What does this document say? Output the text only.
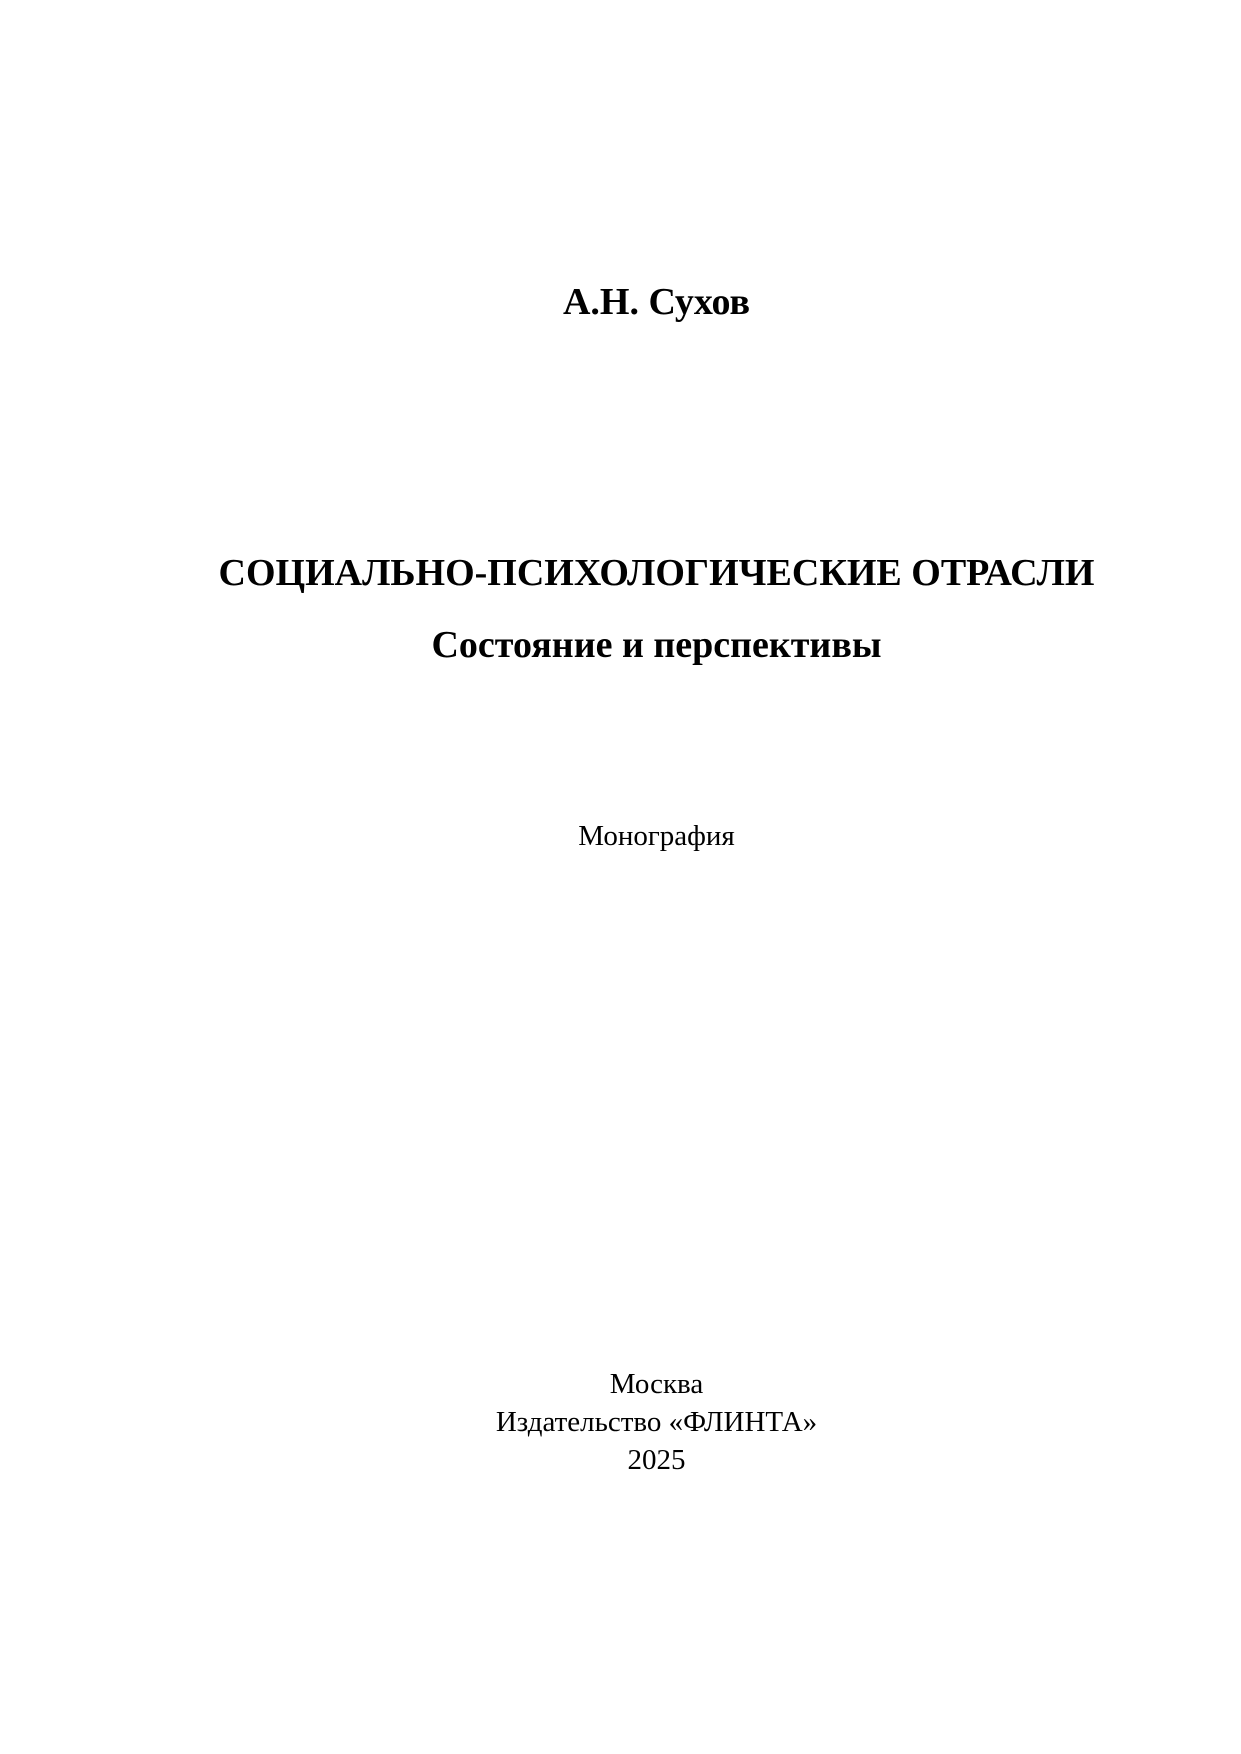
А.Н. Сухов
СОЦИАЛЬНО-ПСИХОЛОГИЧЕСКИЕ ОТРАСЛИ
Состояние и перспективы
Монография
Москва
Издательство «ФЛИНТА»
2025
